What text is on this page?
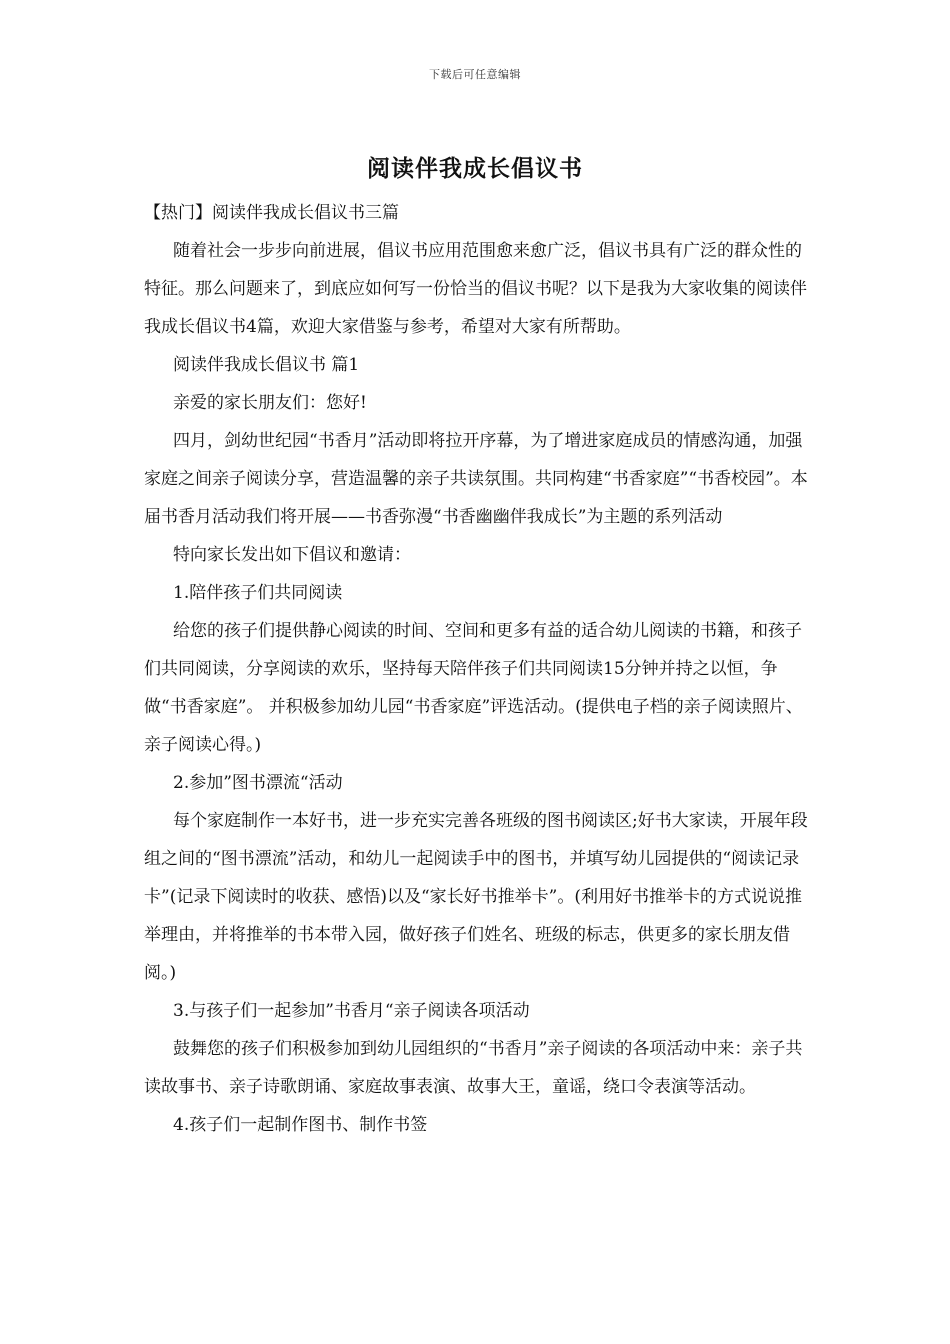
下载后可任意编辑
阅读伴我成长倡议书

【热门】阅读伴我成长倡议书三篇

随着社会一步步向前进展，倡议书应用范围愈来愈广泛，倡议书具有广泛的群众性的特征。那么问题来了，到底应如何写一份恰当的倡议书呢？以下是我为大家收集的阅读伴我成长倡议书4篇，欢迎大家借鉴与参考，希望对大家有所帮助。

阅读伴我成长倡议书 篇1

亲爱的家长朋友们：您好!

四月，剑幼世纪园“书香月”活动即将拉开序幕，为了增进家庭成员的情感沟通，加强家庭之间亲子阅读分享，营造温馨的亲子共读氛围。共同构建“书香家庭”“书香校园”。本届书香月活动我们将开展——书香弥漫“书香幽幽伴我成长”为主题的系列活动

特向家长发出如下倡议和邀请：

1.陪伴孩子们共同阅读

给您的孩子们提供静心阅读的时间、空间和更多有益的适合幼儿阅读的书籍，和孩子们共同阅读，分享阅读的欢乐，坚持每天陪伴孩子们共同阅读15分钟并持之以恒，争做“书香家庭”。 并积极参加幼儿园“书香家庭”评选活动。(提供电子档的亲子阅读照片、亲子阅读心得。)

2.参加”图书漂流“活动

每个家庭制作一本好书，进一步充实完善各班级的图书阅读区;好书大家读，开展年段组之间的“图书漂流”活动，和幼儿一起阅读手中的图书，并填写幼儿园提供的“阅读记录卡”(记录下阅读时的收获、感悟)以及“家长好书推举卡”。(利用好书推举卡的方式说说推举理由，并将推举的书本带入园，做好孩子们姓名、班级的标志，供更多的家长朋友借阅。)

3.与孩子们一起参加”书香月“亲子阅读各项活动

鼓舞您的孩子们积极参加到幼儿园组织的“书香月”亲子阅读的各项活动中来：亲子共读故事书、亲子诗歌朗诵、家庭故事表演、故事大王，童谣，绕口令表演等活动。

4.孩子们一起制作图书、制作书签
